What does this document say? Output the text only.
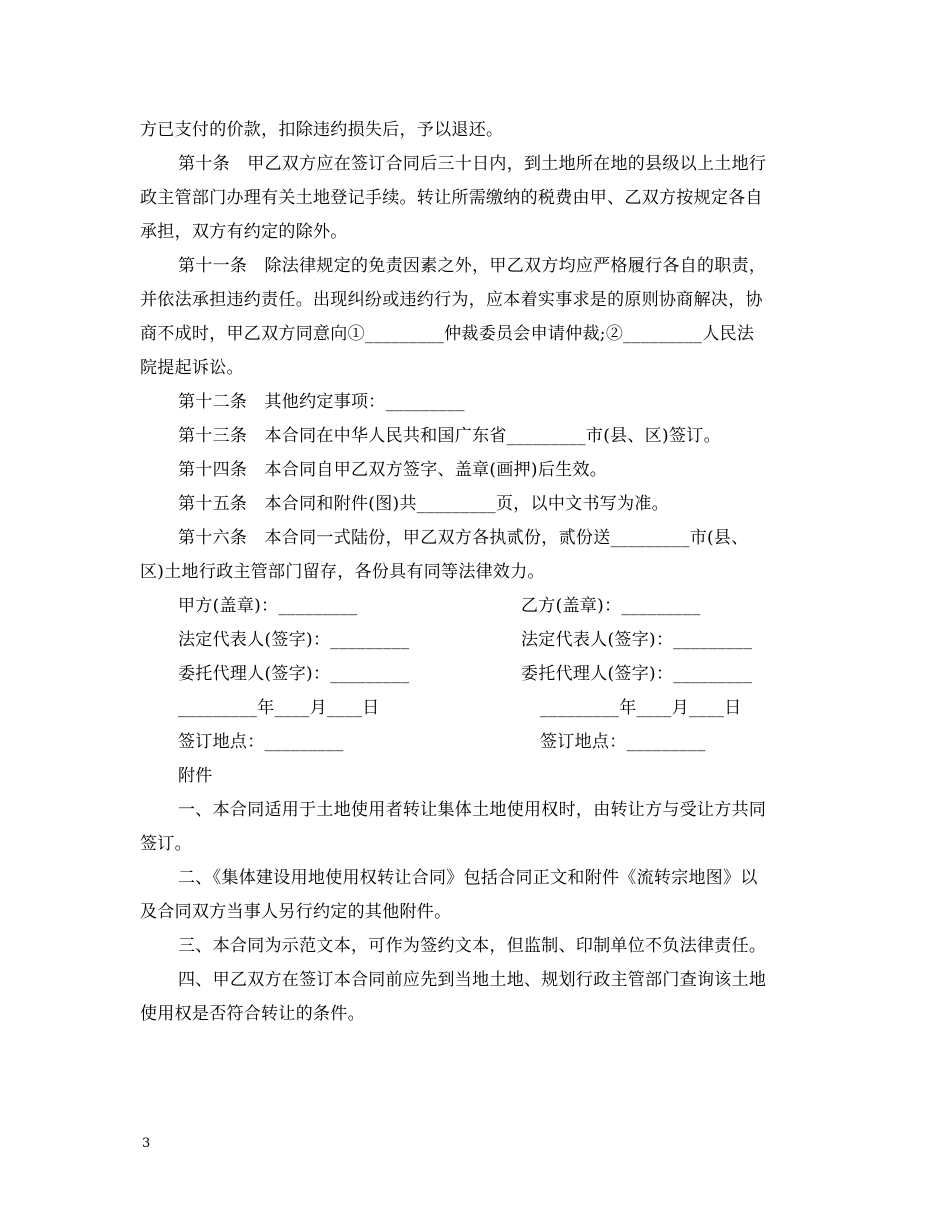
方已支付的价款，扣除违约损失后，予以退还。
第十条　甲乙双方应在签订合同后三十日内，到土地所在地的县级以上土地行
政主管部门办理有关土地登记手续。转让所需缴纳的税费由甲、乙双方按规定各自
承担，双方有约定的除外。
第十一条　除法律规定的免责因素之外，甲乙双方均应严格履行各自的职责，
并依法承担违约责任。出现纠纷或违约行为，应本着实事求是的原则协商解决，协
商不成时，甲乙双方同意向①_________仲裁委员会申请仲裁;②_________人民法
院提起诉讼。
第十二条　其他约定事项：_________
第十三条　本合同在中华人民共和国广东省_________市(县、区)签订。
第十四条　本合同自甲乙双方签字、盖章(画押)后生效。
第十五条　本合同和附件(图)共_________页，以中文书写为准。
第十六条　本合同一式陆份，甲乙双方各执贰份，贰份送_________市(县、
区)土地行政主管部门留存，各份具有同等法律效力。
甲方(盖章)：_________	乙方(盖章)：_________
法定代表人(签字)：_________	法定代表人(签字)：_________
委托代理人(签字)：_________	委托代理人(签字)：_________
_________年____月____日	_________年____月____日
签订地点：_________	签订地点：_________
附件
一、本合同适用于土地使用者转让集体土地使用权时，由转让方与受让方共同
签订。
二、《集体建设用地使用权转让合同》包括合同正文和附件《流转宗地图》以
及合同双方当事人另行约定的其他附件。
三、本合同为示范文本，可作为签约文本，但监制、印制单位不负法律责任。
四、甲乙双方在签订本合同前应先到当地土地、规划行政主管部门查询该土地
使用权是否符合转让的条件。
3
